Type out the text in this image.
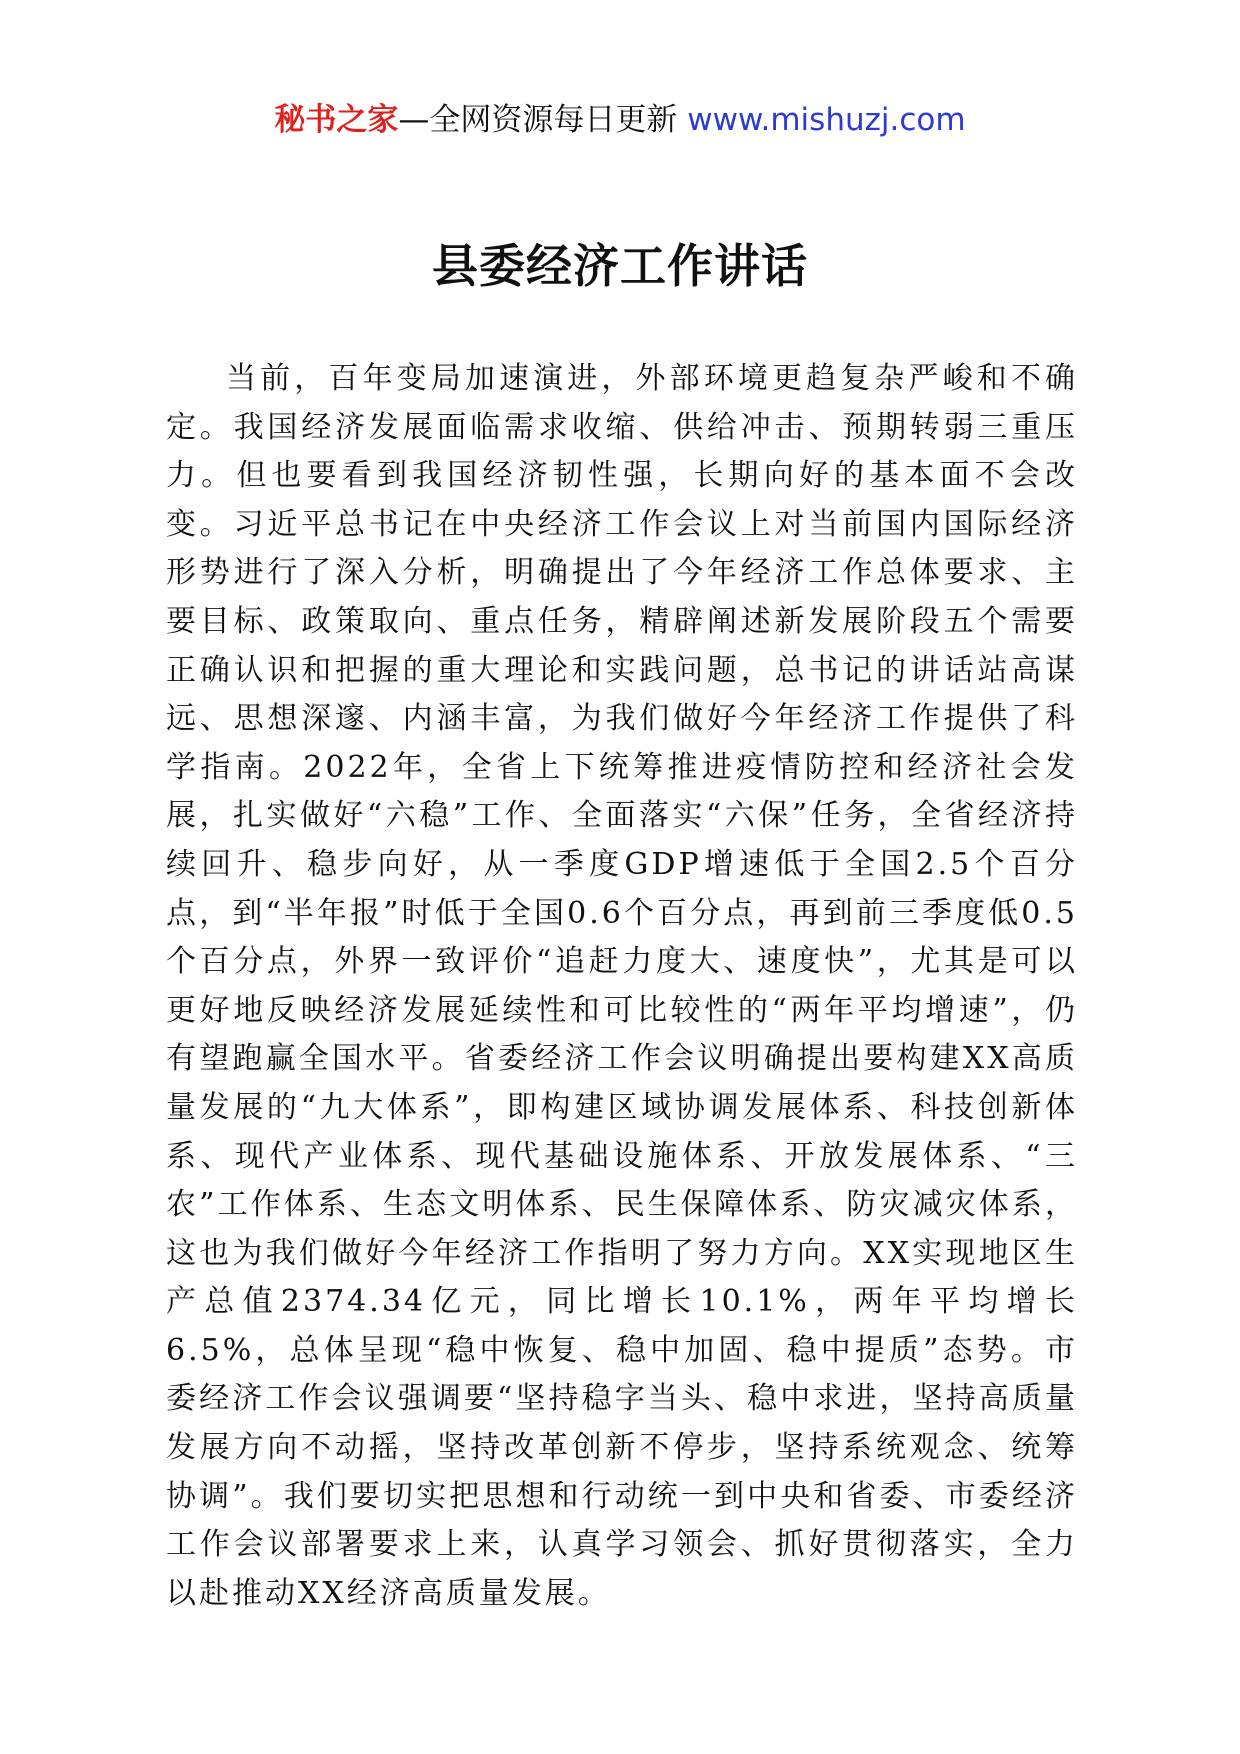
秘书之家—全网资源每日更新 www.mishuzj.com
县委经济工作讲话

当前，百年变局加速演进，外部环境更趋复杂严峻和不确定。我国经济发展面临需求收缩、供给冲击、预期转弱三重压力。但也要看到我国经济韧性强，长期向好的基本面不会改变。习近平总书记在中央经济工作会议上对当前国内国际经济形势进行了深入分析，明确提出了今年经济工作总体要求、主要目标、政策取向、重点任务，精辟阐述新发展阶段五个需要正确认识和把握的重大理论和实践问题，总书记的讲话站高谋远、思想深邃、内涵丰富，为我们做好今年经济工作提供了科学指南。2022年，全省上下统筹推进疫情防控和经济社会发展，扎实做好“六稳”工作、全面落实“六保”任务，全省经济持续回升、稳步向好，从一季度GDP增速低于全国2.5个百分点，到“半年报”时低于全国0.6个百分点，再到前三季度低0.5个百分点，外界一致评价“追赶力度大、速度快”，尤其是可以更好地反映经济发展延续性和可比较性的“两年平均增速”，仍有望跑赢全国水平。省委经济工作会议明确提出要构建XX高质量发展的“九大体系”，即构建区域协调发展体系、科技创新体系、现代产业体系、现代基础设施体系、开放发展体系、“三农”工作体系、生态文明体系、民生保障体系、防灾减灾体系，这也为我们做好今年经济工作指明了努力方向。XX实现地区生产总值2374.34亿元，同比增长10.1%，两年平均增长6.5%，总体呈现“稳中恢复、稳中加固、稳中提质”态势。市委经济工作会议强调要“坚持稳字当头、稳中求进，坚持高质量发展方向不动摇，坚持改革创新不停步，坚持系统观念、统筹协调”。我们要切实把思想和行动统一到中央和省委、市委经济工作会议部署要求上来，认真学习领会、抓好贯彻落实，全力以赴推动XX经济高质量发展。
